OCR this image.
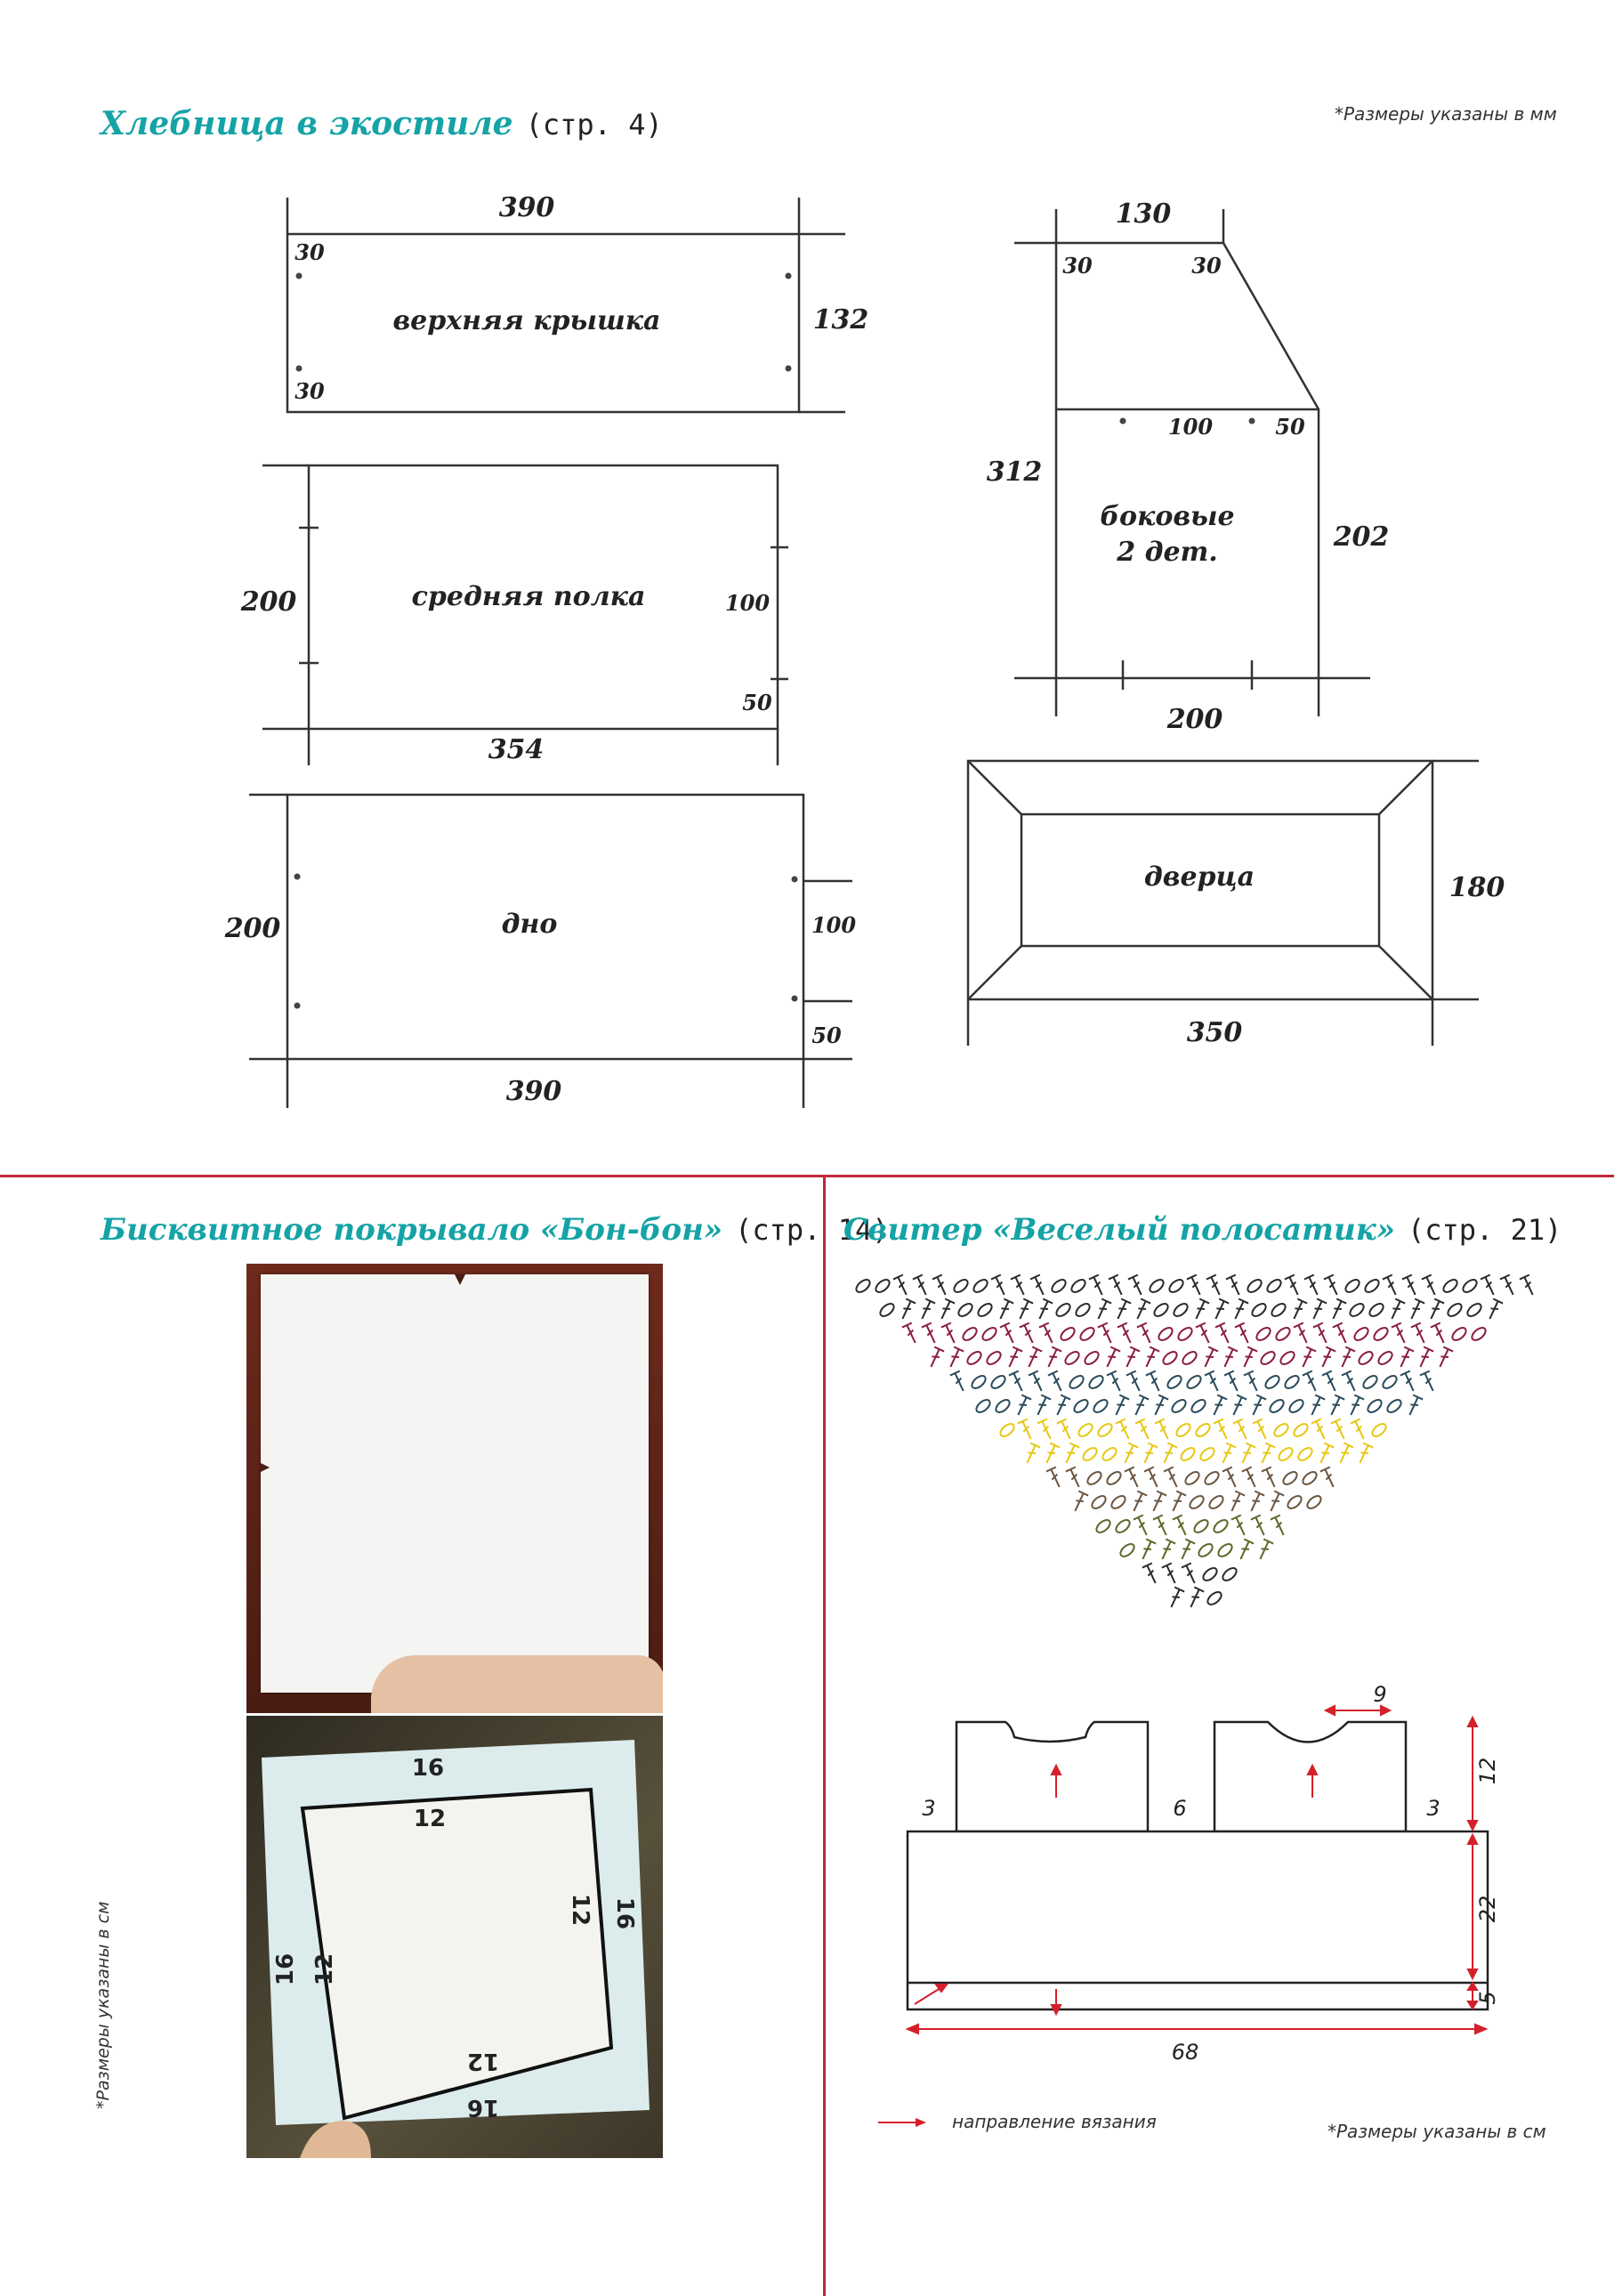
Хлебница в экостиле (стр. 4)	*Размеры указаны в мм
верхняя крышка
390
132
средняя полка
200
354
дно
200
390
130
боковые
2 дет.
312
202
200
дверца	180
350
30
30
100
50
100
50
30	30
100	50
Бисквитное покрывало «Бон-бон» (стр. 14)
*Размеры указаны в см
16
12
12 16
16 12
12
16
Свитер «Веселый полосатик» (стр. 21)
9
12
22
5
68
3	6	3
направление вязания	*Размеры указаны в см
